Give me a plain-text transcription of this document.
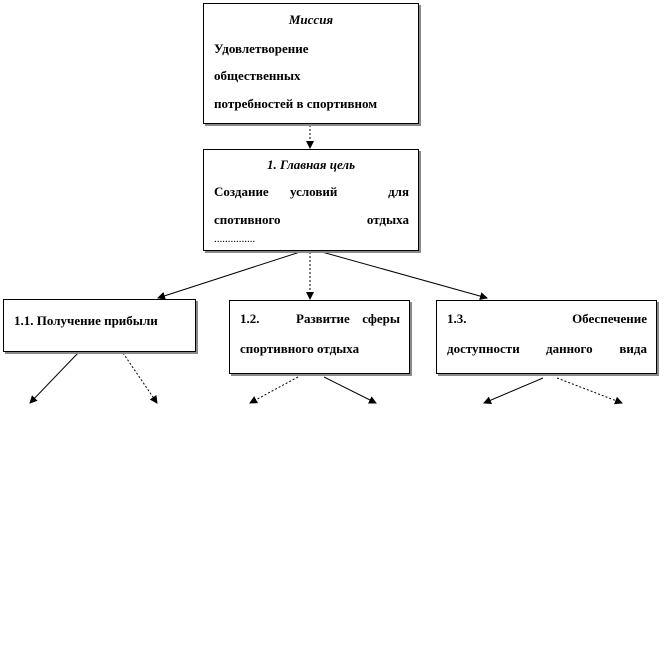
Миссия
Удовлетворение
общественных
потребностей в спортивном
1. Главная цель
Создание условий	для
спотивного	отдыха
...............
1.1. Получение прибыли	1.2.	Развитие сферы
спортивного отдыха
1.3.	Обеспечение
доступности данного вида
